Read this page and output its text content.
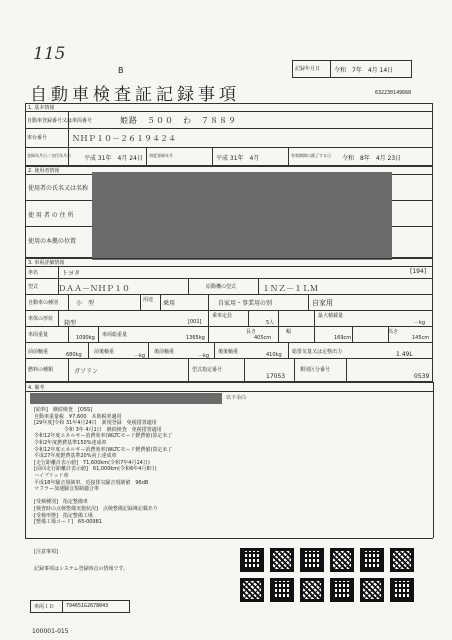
115
B
自動車検査証記録事項
記録年月日 令和　7年　4月 14日
632230149668
1. 基本情報
自動車登録番号又は車両番号	姫路　５００　わ　７８８９
車台番号	ＮＨＰ１０－２６１９４２４
登録年月日／交付年月日 平成 31年　4月 24日 初度登録年月	平成 31年　4月	有効期間の満了する日 令和　8年　4月 23日
2. 使用者情報
使用者の氏名又は名称
使 用 者 の 住 所
使用の本拠の位置
3. 車両詳細情報
車名	トヨタ	[194]
型式 ＤＡＡ－ＮＨＰ１０	原動機の型式	１ＮＺ－１ＬＭ
自動車の種別	小　型	用途 乗用	自家用・事業用の別	自家用
車体の形状
箱型	[001]
乗車定員
5人
最大積載量
－kg
車両重量	1090kg 車両総重量	1365kg
長さ
405cm
幅
169cm
高さ
145cm
前前軸重	680kg 前後軸重
－kg
後前軸重
－kg
後後軸重	410kg 総排気量又は定格出力	1.49L
燃料の種類	ガソリン	型式指定番号
17053
類別区分番号
0539
4. 備考
以下余白
[給料]　継続検査　[OSS]
自動車重量税　¥7,600　本則税率適用
[29年度]令和 31年4月24日　新規登録　免税措置適用
令和 3年 4月1日　継続検査　免税措置適用
令和12年度エネルギー消費効率(WLTCモード燃費値)算定未了
令和2年度燃費基準150%達成車
令和12年度エネルギー消費効率(WLTCモード燃費値)算定未了
平成27年度燃費基準20%向上達成車
[走行距離計表示値]　71,600km(令和7年4月14日)
[前回走行距離計表示値]　61,000km(令和6年4月8日)
ハイブリッド車
平成18年騒音規制車、近接排気騒音規制値　96dB
マフラー加速騒音規制適合車

[受検種別]　指定整備車
[検査時の点検整備実施状況]　点検整備記録簿記載あり
[受検形態]　指定整備工場
[整備工場コード]　65-00981
[注意事項]
記録事項はシステム登録時点の情報です。
車両ＩＤ 794651G2678043
100001-015
